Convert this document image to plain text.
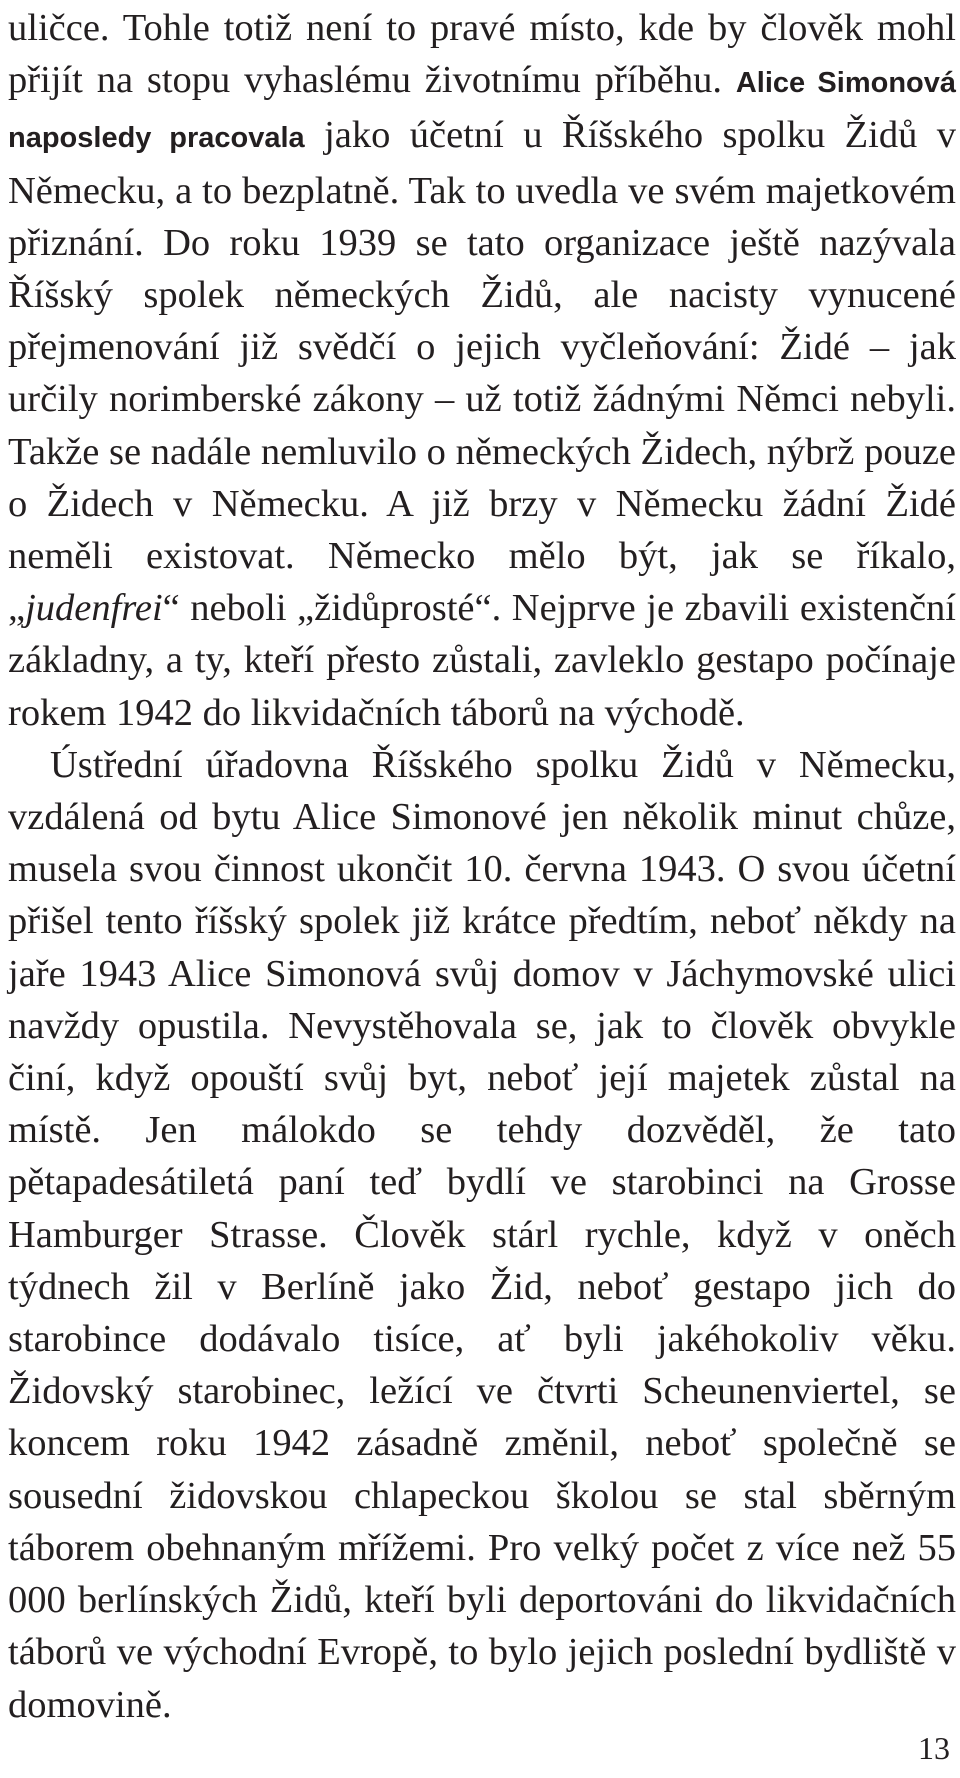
uličce. Tohle totiž není to pravé místo, kde by člověk mohl přijít na stopu vyhaslému životnímu příběhu. Alice Simonová naposledy pracovala jako účetní u Říšského spolku Židů v Německu, a to bezplatně. Tak to uvedla ve svém majetkovém přiznání. Do roku 1939 se tato organizace ještě nazývala Říšský spolek německých Židů, ale nacisty vynucené přejmenování již svědčí o jejich vyčleňování: Židé – jak určily norimberské zákony – už totiž žádnými Němci nebyli. Takže se nadále nemluvilo o německých Židech, nýbrž pouze o Židech v Německu. A již brzy v Německu žádní Židé neměli existovat. Německo mělo být, jak se říkalo, „judenfrei“ neboli „židůprosté“. Nejprve je zbavili existenční základny, a ty, kteří přesto zůstali, zavleklo gestapo počínaje rokem 1942 do likvidačních táborů na východě.

Ústřední úřadovna Říšského spolku Židů v Německu, vzdálená od bytu Alice Simonové jen několik minut chůze, musela svou činnost ukončit 10. června 1943. O svou účetní přišel tento říšský spolek již krátce předtím, neboť někdy na jaře 1943 Alice Simonová svůj domov v Jáchymovské ulici navždy opustila. Nevystěhovala se, jak to člověk obvykle činí, když opouští svůj byt, neboť její majetek zůstal na místě. Jen málokdo se tehdy dozvěděl, že tato pětapadesátiletá paní teď bydlí ve starobinci na Grosse Hamburger Strasse. Člověk stárl rychle, když v oněch týdnech žil v Berlíně jako Žid, neboť gestapo jich do starobince dodávalo tisíce, ať byli jakéhokoliv věku. Židovský starobinec, ležící ve čtvrti Scheunenviertel, se koncem roku 1942 zásadně změnil, neboť společně se sousední židovskou chlapeckou školou se stal sběrným táborem obehnaným mřížemi. Pro velký počet z více než 55 000 berlínských Židů, kteří byli deportováni do likvidačních táborů ve východní Evropě, to bylo jejich poslední bydliště v domovině.

13
